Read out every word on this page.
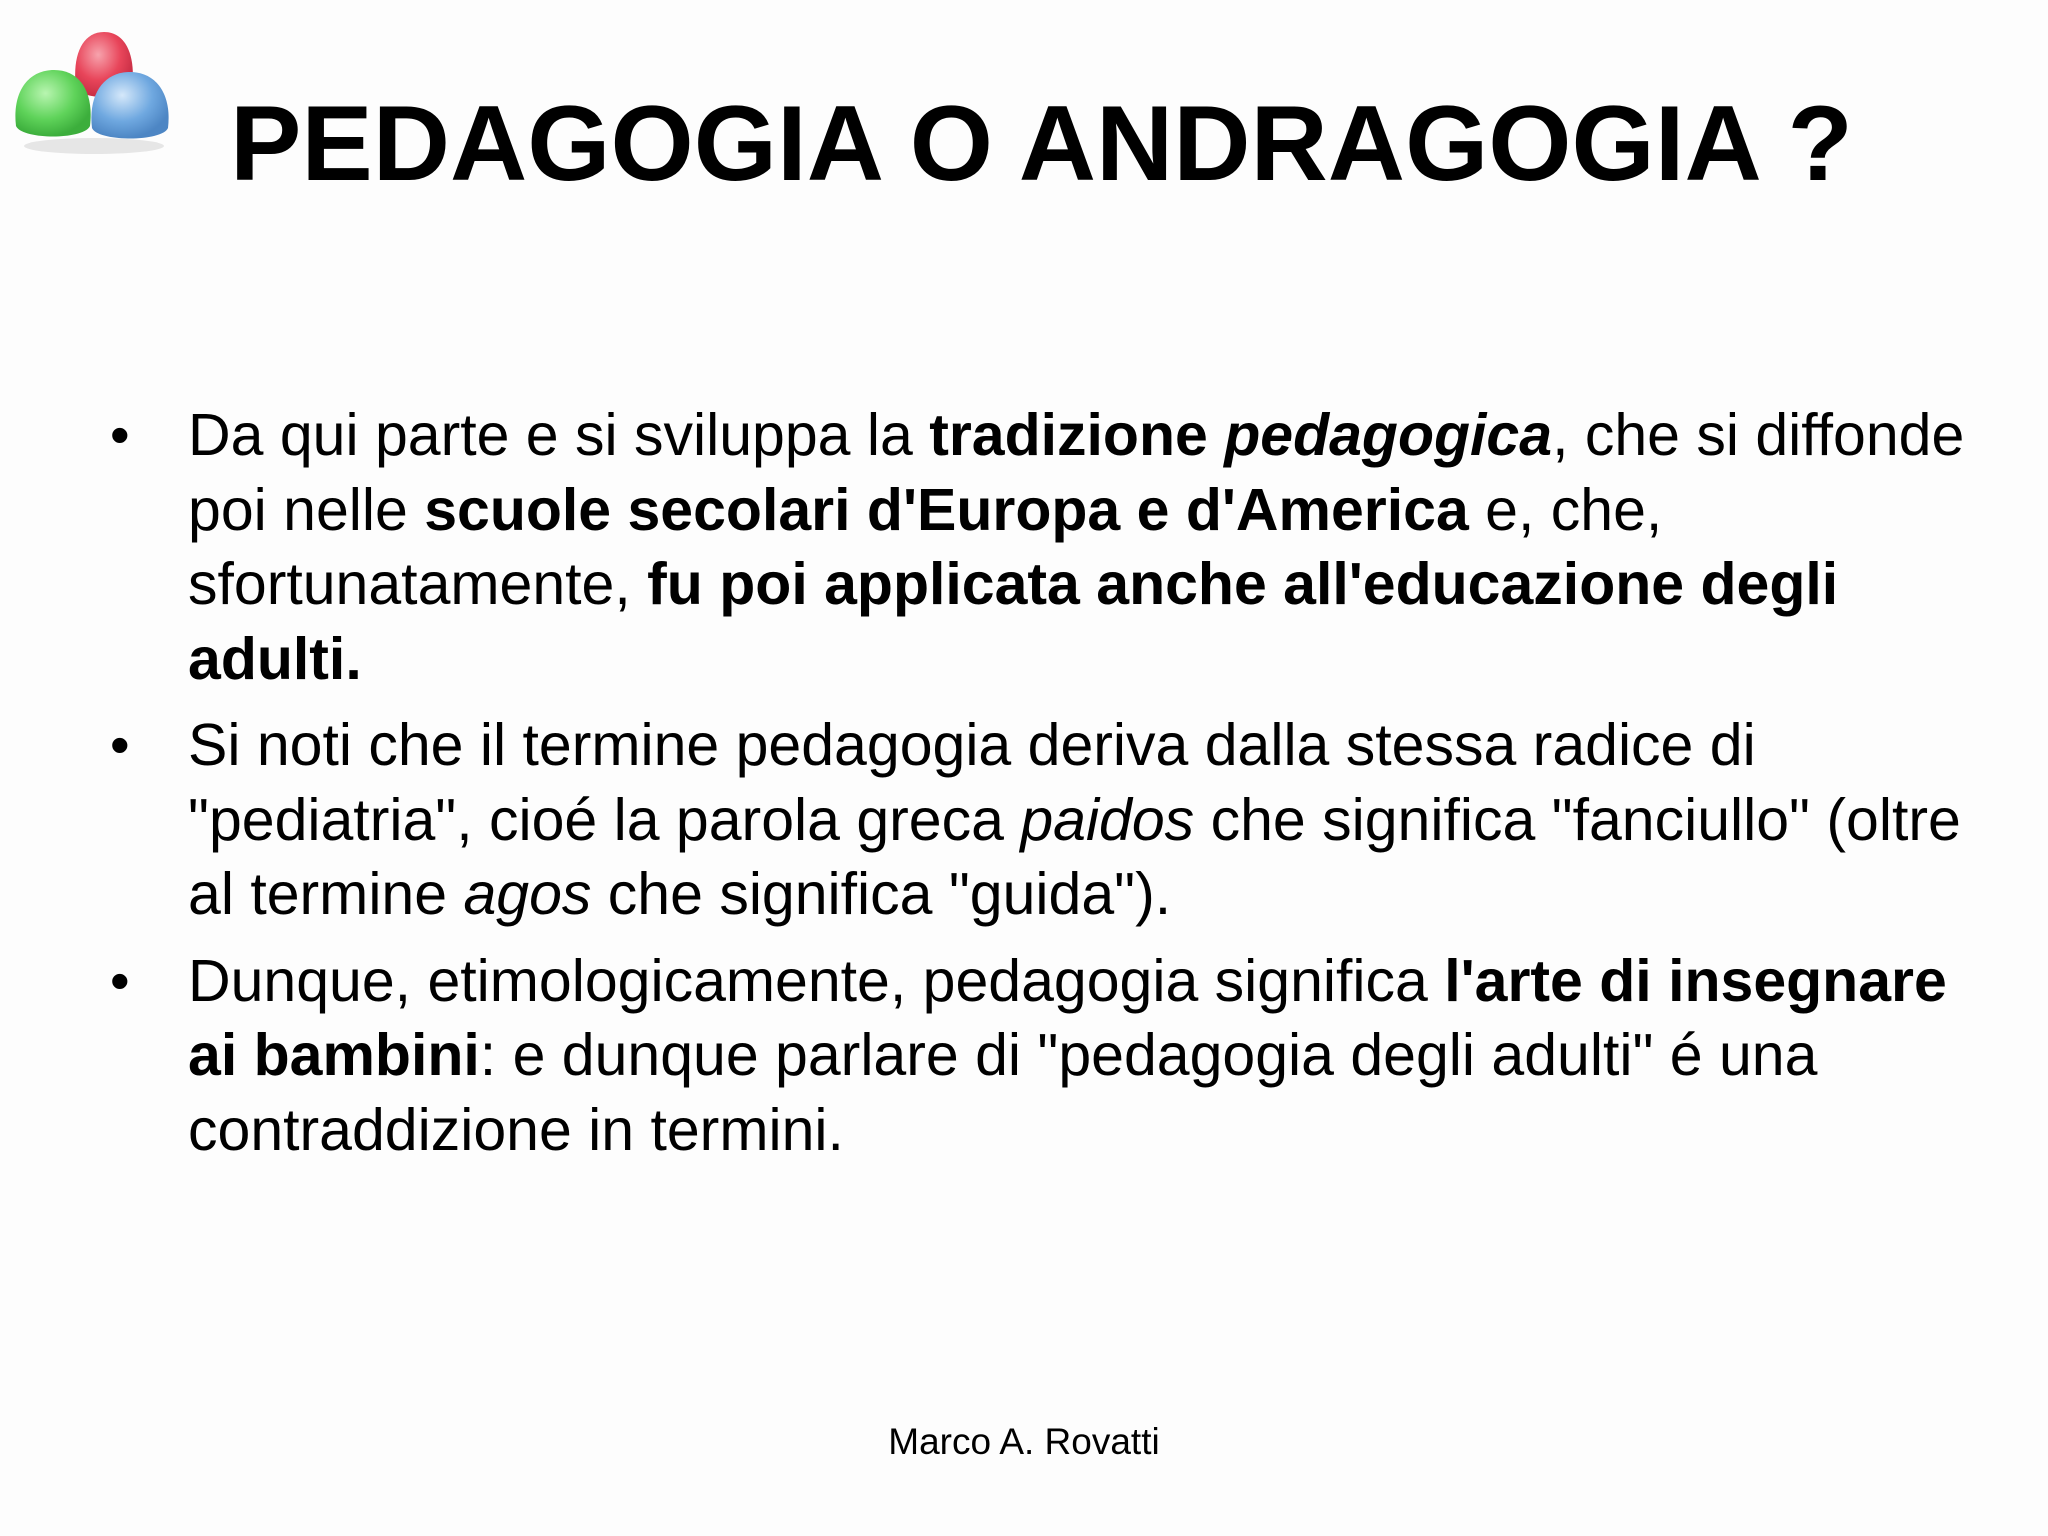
PEDAGOGIA O ANDRAGOGIA ?
• Da qui parte e si sviluppa la tradizione pedagogica, che si diffonde poi nelle scuole secolari d'Europa e d'America e, che, sfortunatamente, fu poi applicata anche all'educazione degli adulti.
• Si noti che il termine pedagogia deriva dalla stessa radice di "pediatria", cioé la parola greca paidos che significa "fanciullo" (oltre al termine agos che significa "guida").
• Dunque, etimologicamente, pedagogia significa l'arte di insegnare ai bambini: e dunque parlare di "pedagogia degli adulti" é una contraddizione in termini.
Marco A. Rovatti
